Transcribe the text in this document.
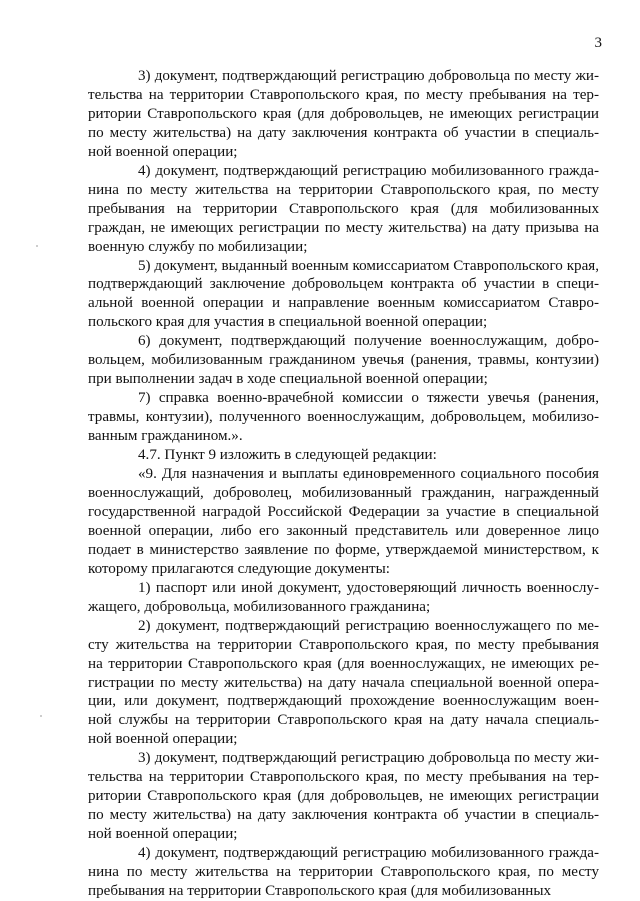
3
3) документ, подтверждающий регистрацию добровольца по месту жи-
тельства на территории Ставропольского края, по месту пребывания на тер-
ритории Ставропольского края (для добровольцев, не имеющих регистрации
по месту жительства) на дату заключения контракта об участии в специаль-
ной военной операции;
4) документ, подтверждающий регистрацию мобилизованного гражда-
нина по месту жительства на территории Ставропольского края, по месту
пребывания на территории Ставропольского края (для мобилизованных
граждан, не имеющих регистрации по месту жительства) на дату призыва на
военную службу по мобилизации;
5) документ, выданный военным комиссариатом Ставропольского края,
подтверждающий заключение добровольцем контракта об участии в специ-
альной военной операции и направление военным комиссариатом Ставро-
польского края для участия в специальной военной операции;
6) документ, подтверждающий получение военнослужащим, добро-
вольцем, мобилизованным гражданином увечья (ранения, травмы, контузии)
при выполнении задач в ходе специальной военной операции;
7) справка военно-врачебной комиссии о тяжести увечья (ранения,
травмы, контузии), полученного военнослужащим, добровольцем, мобилизо-
ванным гражданином.».
4.7. Пункт 9 изложить в следующей редакции:
«9. Для назначения и выплаты единовременного социального пособия
военнослужащий, доброволец, мобилизованный гражданин, награжденный
государственной наградой Российской Федерации за участие в специальной
военной операции, либо его законный представитель или доверенное лицо
подает в министерство заявление по форме, утверждаемой министерством, к
которому прилагаются следующие документы:
1) паспорт или иной документ, удостоверяющий личность военнослу-
жащего, добровольца, мобилизованного гражданина;
2) документ, подтверждающий регистрацию военнослужащего по ме-
сту жительства на территории Ставропольского края, по месту пребывания
на территории Ставропольского края (для военнослужащих, не имеющих ре-
гистрации по месту жительства) на дату начала специальной военной опера-
ции, или документ, подтверждающий прохождение военнослужащим воен-
ной службы на территории Ставропольского края на дату начала специаль-
ной военной операции;
3) документ, подтверждающий регистрацию добровольца по месту жи-
тельства на территории Ставропольского края, по месту пребывания на тер-
ритории Ставропольского края (для добровольцев, не имеющих регистрации
по месту жительства) на дату заключения контракта об участии в специаль-
ной военной операции;
4) документ, подтверждающий регистрацию мобилизованного гражда-
нина по месту жительства на территории Ставропольского края, по месту
пребывания на территории Ставропольского края (для мобилизованных
